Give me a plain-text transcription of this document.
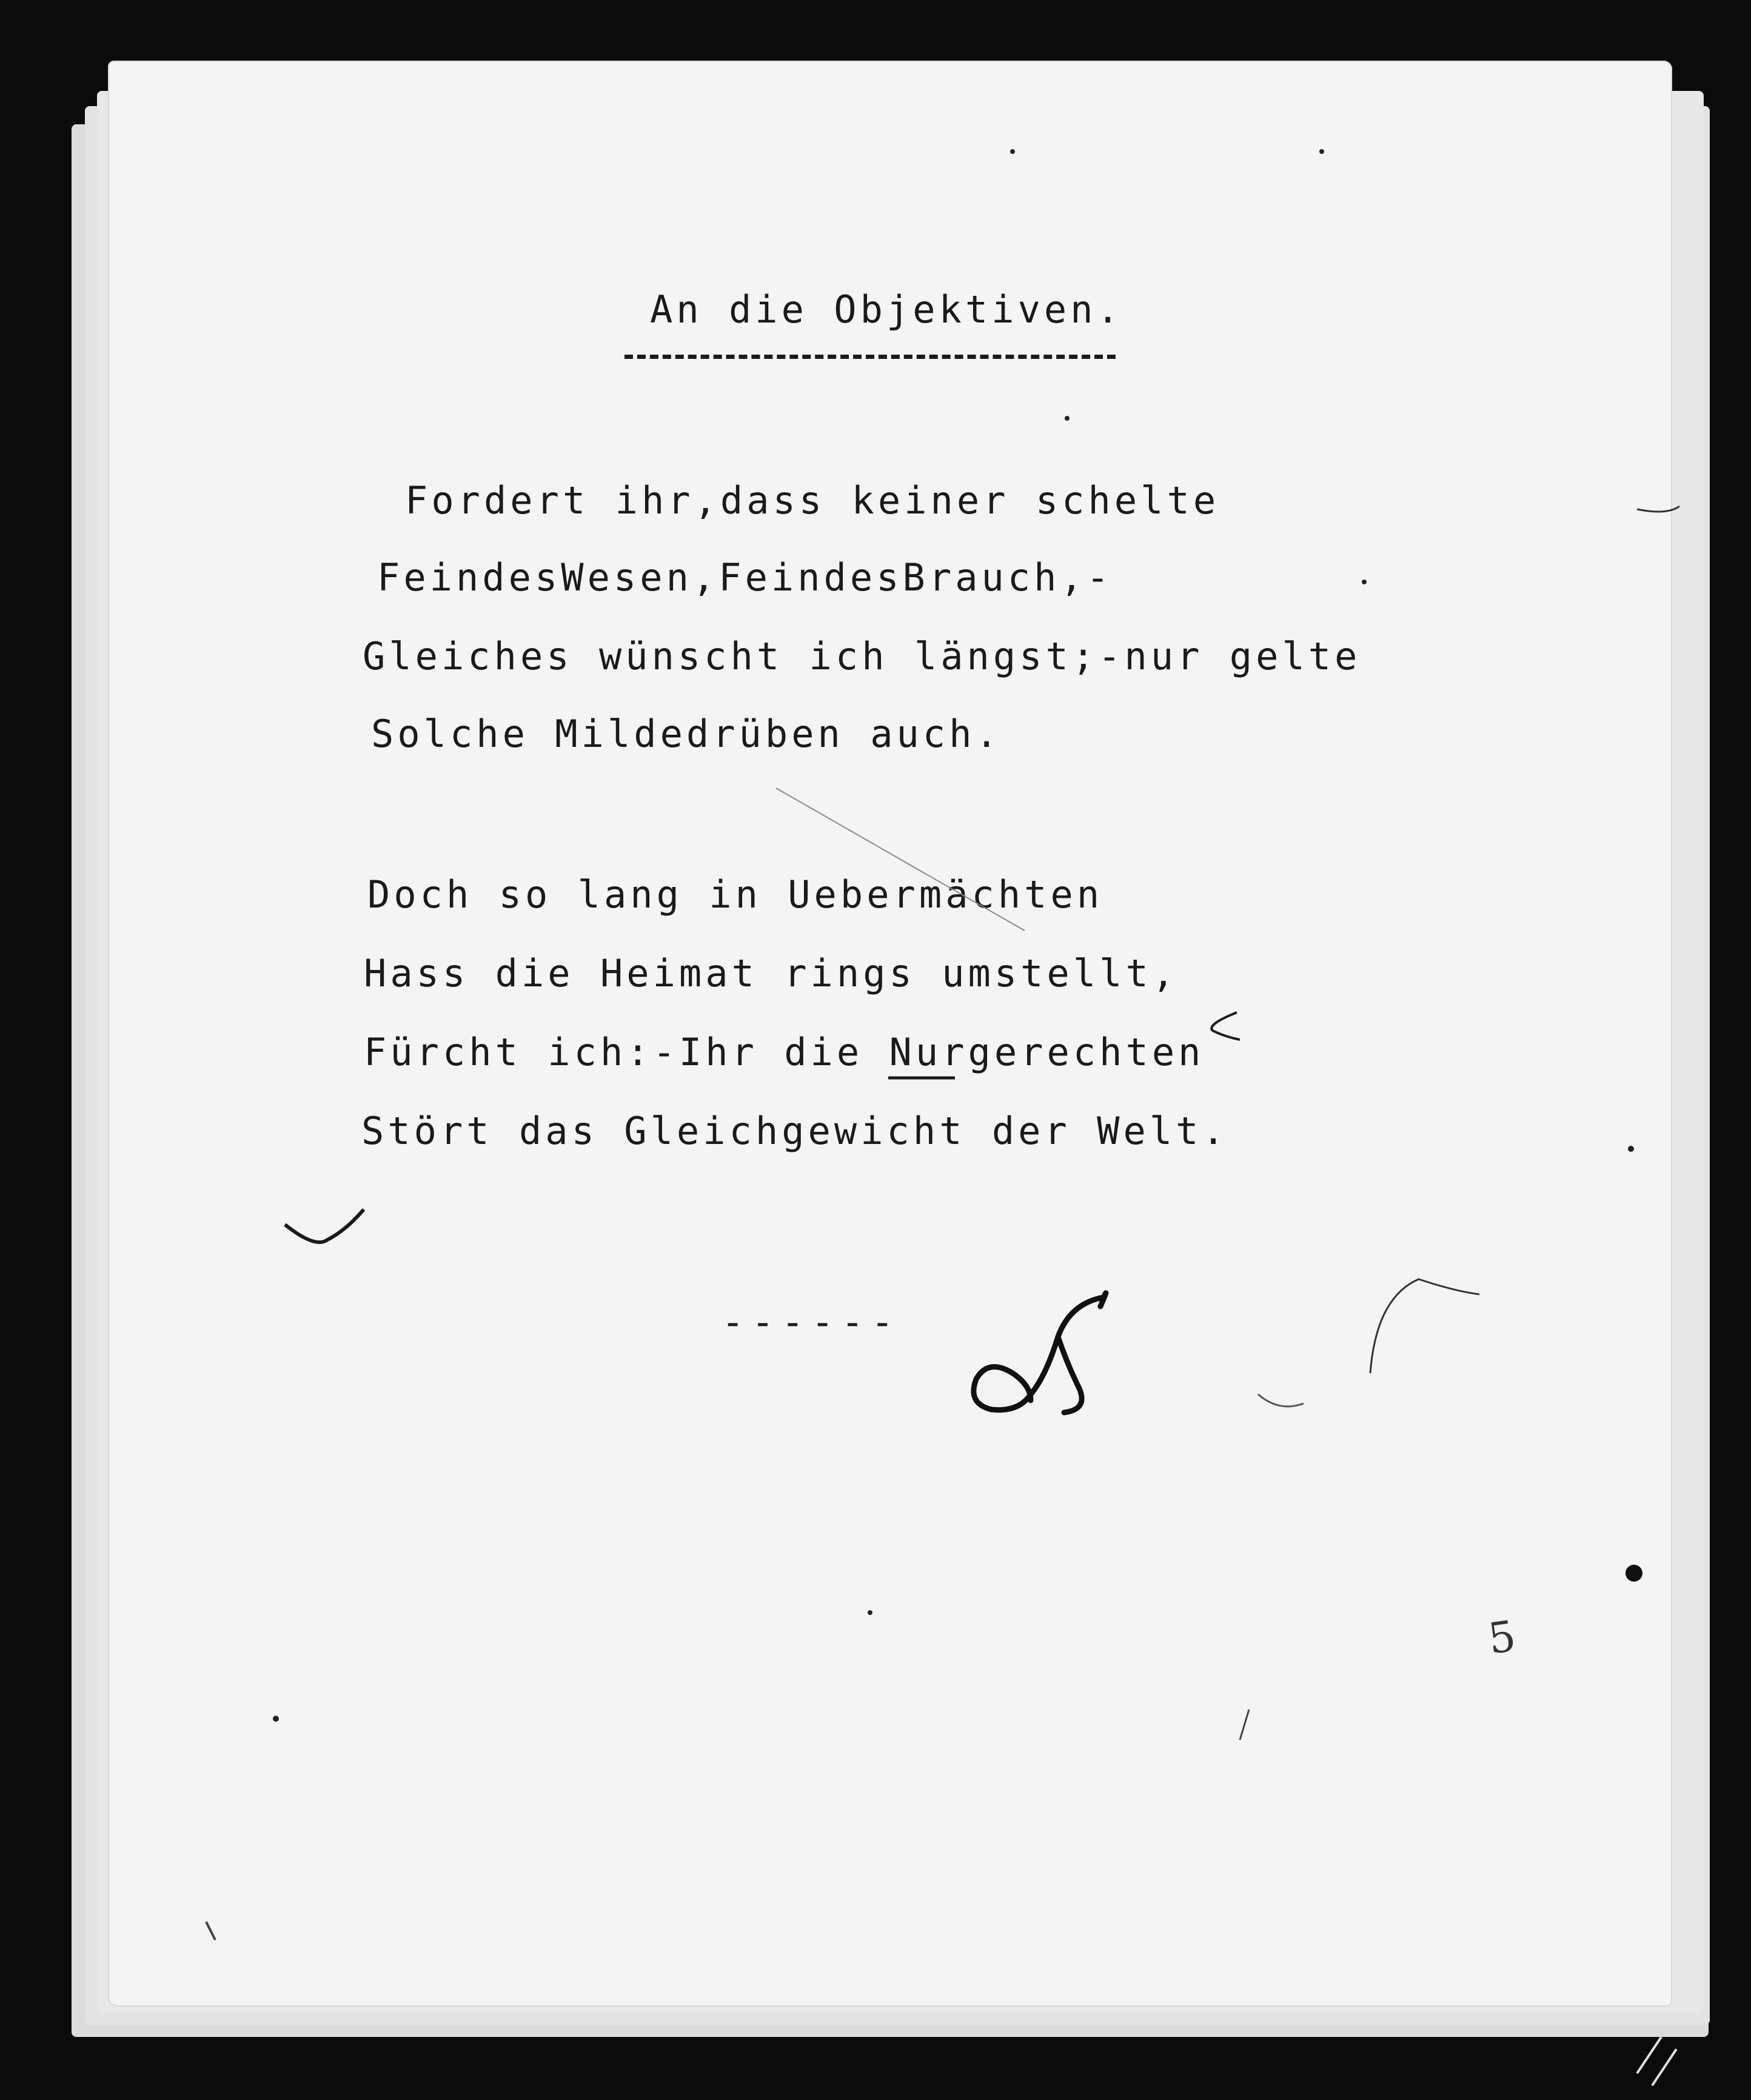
An die Objektiven.
Fordert ihr,dass keiner schelte
FeindesWesen,FeindesBrauch,-
Gleiches wünscht ich längst;-nur gelte
Solche Mildedrüben auch.
Doch so lang in Uebermächten
Hass die Heimat rings umstellt,
Fürcht ich:-Ihr die Nurgerechten
Stört das Gleichgewicht der Welt.
------
5
